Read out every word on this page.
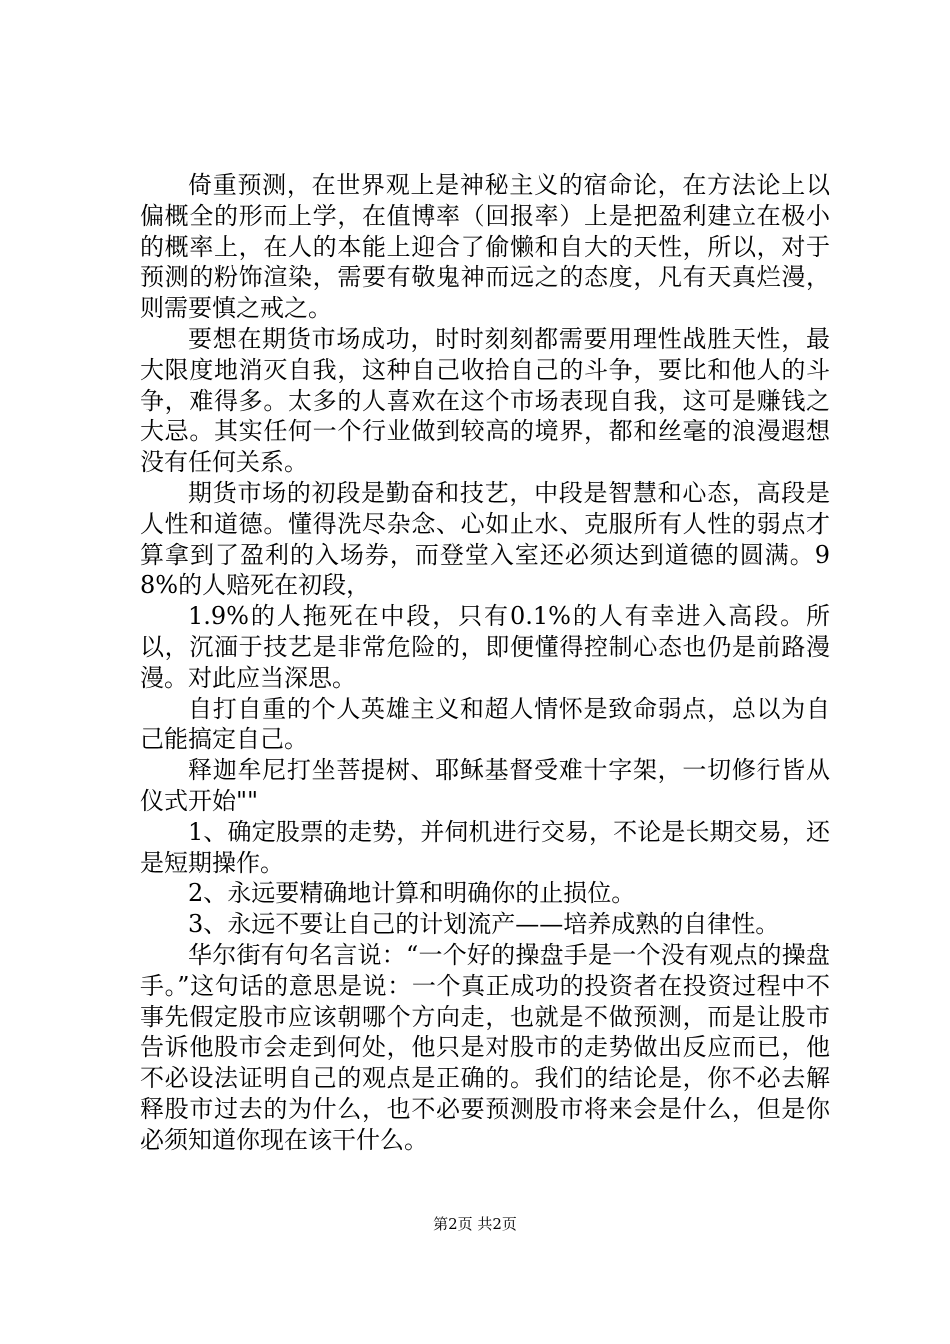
倚重预测，在世界观上是神秘主义的宿命论，在方法论上以偏概全的形而上学，在值博率（回报率）上是把盈利建立在极小的概率上，在人的本能上迎合了偷懒和自大的天性，所以，对于预测的粉饰渲染，需要有敬鬼神而远之的态度，凡有天真烂漫，则需要慎之戒之。

要想在期货市场成功，时时刻刻都需要用理性战胜天性，最大限度地消灭自我，这种自己收拾自己的斗争，要比和他人的斗争，难得多。太多的人喜欢在这个市场表现自我，这可是赚钱之大忌。其实任何一个行业做到较高的境界，都和丝毫的浪漫遐想没有任何关系。

期货市场的初段是勤奋和技艺，中段是智慧和心态，高段是人性和道德。懂得洗尽杂念、心如止水、克服所有人性的弱点才算拿到了盈利的入场券，而登堂入室还必须达到道德的圆满。98%的人赔死在初段，

1.9%的人拖死在中段，只有0.1%的人有幸进入高段。所以，沉湎于技艺是非常危险的，即便懂得控制心态也仍是前路漫漫。对此应当深思。

自打自重的个人英雄主义和超人情怀是致命弱点，总以为自己能搞定自己。

释迦牟尼打坐菩提树、耶稣基督受难十字架，一切修行皆从仪式开始""

1、确定股票的走势，并伺机进行交易，不论是长期交易，还是短期操作。

2、永远要精确地计算和明确你的止损位。

3、永远不要让自己的计划流产——培养成熟的自律性。

华尔街有句名言说：“一个好的操盘手是一个没有观点的操盘手。”这句话的意思是说：一个真正成功的投资者在投资过程中不事先假定股市应该朝哪个方向走，也就是不做预测，而是让股市告诉他股市会走到何处，他只是对股市的走势做出反应而已，他不必设法证明自己的观点是正确的。我们的结论是，你不必去解释股市过去的为什么，也不必要预测股市将来会是什么，但是你必须知道你现在该干什么。

第2页 共2页
